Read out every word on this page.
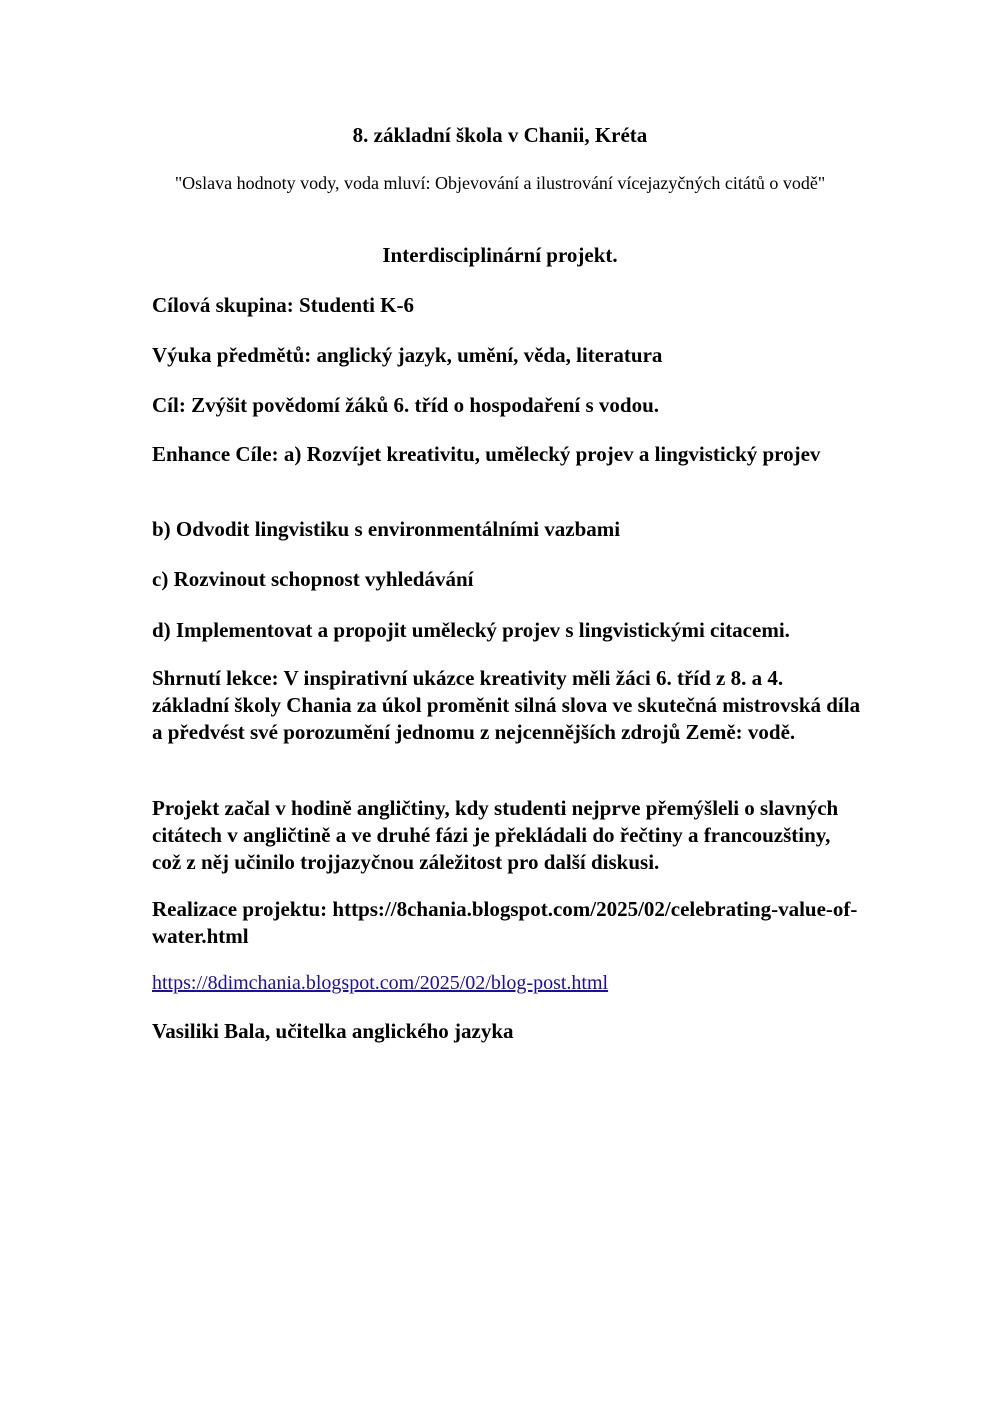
8. základní škola v Chanii, Kréta
"Oslava hodnoty vody, voda mluví: Objevování a ilustrování vícejazyčných citátů o vodě"
Interdisciplinární projekt.

Cílová skupina: Studenti K-6

Výuka předmětů: anglický jazyk, umění, věda, literatura

Cíl: Zvýšit povědomí žáků 6. tříd o hospodaření s vodou.

Enhance Cíle: a) Rozvíjet kreativitu, umělecký projev a lingvistický projev

b) Odvodit lingvistiku s environmentálními vazbami

c) Rozvinout schopnost vyhledávání

d) Implementovat a propojit umělecký projev s lingvistickými citacemi.

Shrnutí lekce: V inspirativní ukázce kreativity měli žáci 6. tříd z 8. a 4. základní školy Chania za úkol proměnit silná slova ve skutečná mistrovská díla a předvést své porozumění jednomu z nejcennějších zdrojů Země: vodě.

Projekt začal v hodině angličtiny, kdy studenti nejprve přemýšleli o slavných citátech v angličtině a ve druhé fázi je překládali do řečtiny a francouzštiny, což z něj učinilo trojjazyčnou záležitost pro další diskusi.

Realizace projektu: https://8chania.blogspot.com/2025/02/celebrating-value-of-water.html

https://8dimchania.blogspot.com/2025/02/blog-post.html

Vasiliki Bala, učitelka anglického jazyka
